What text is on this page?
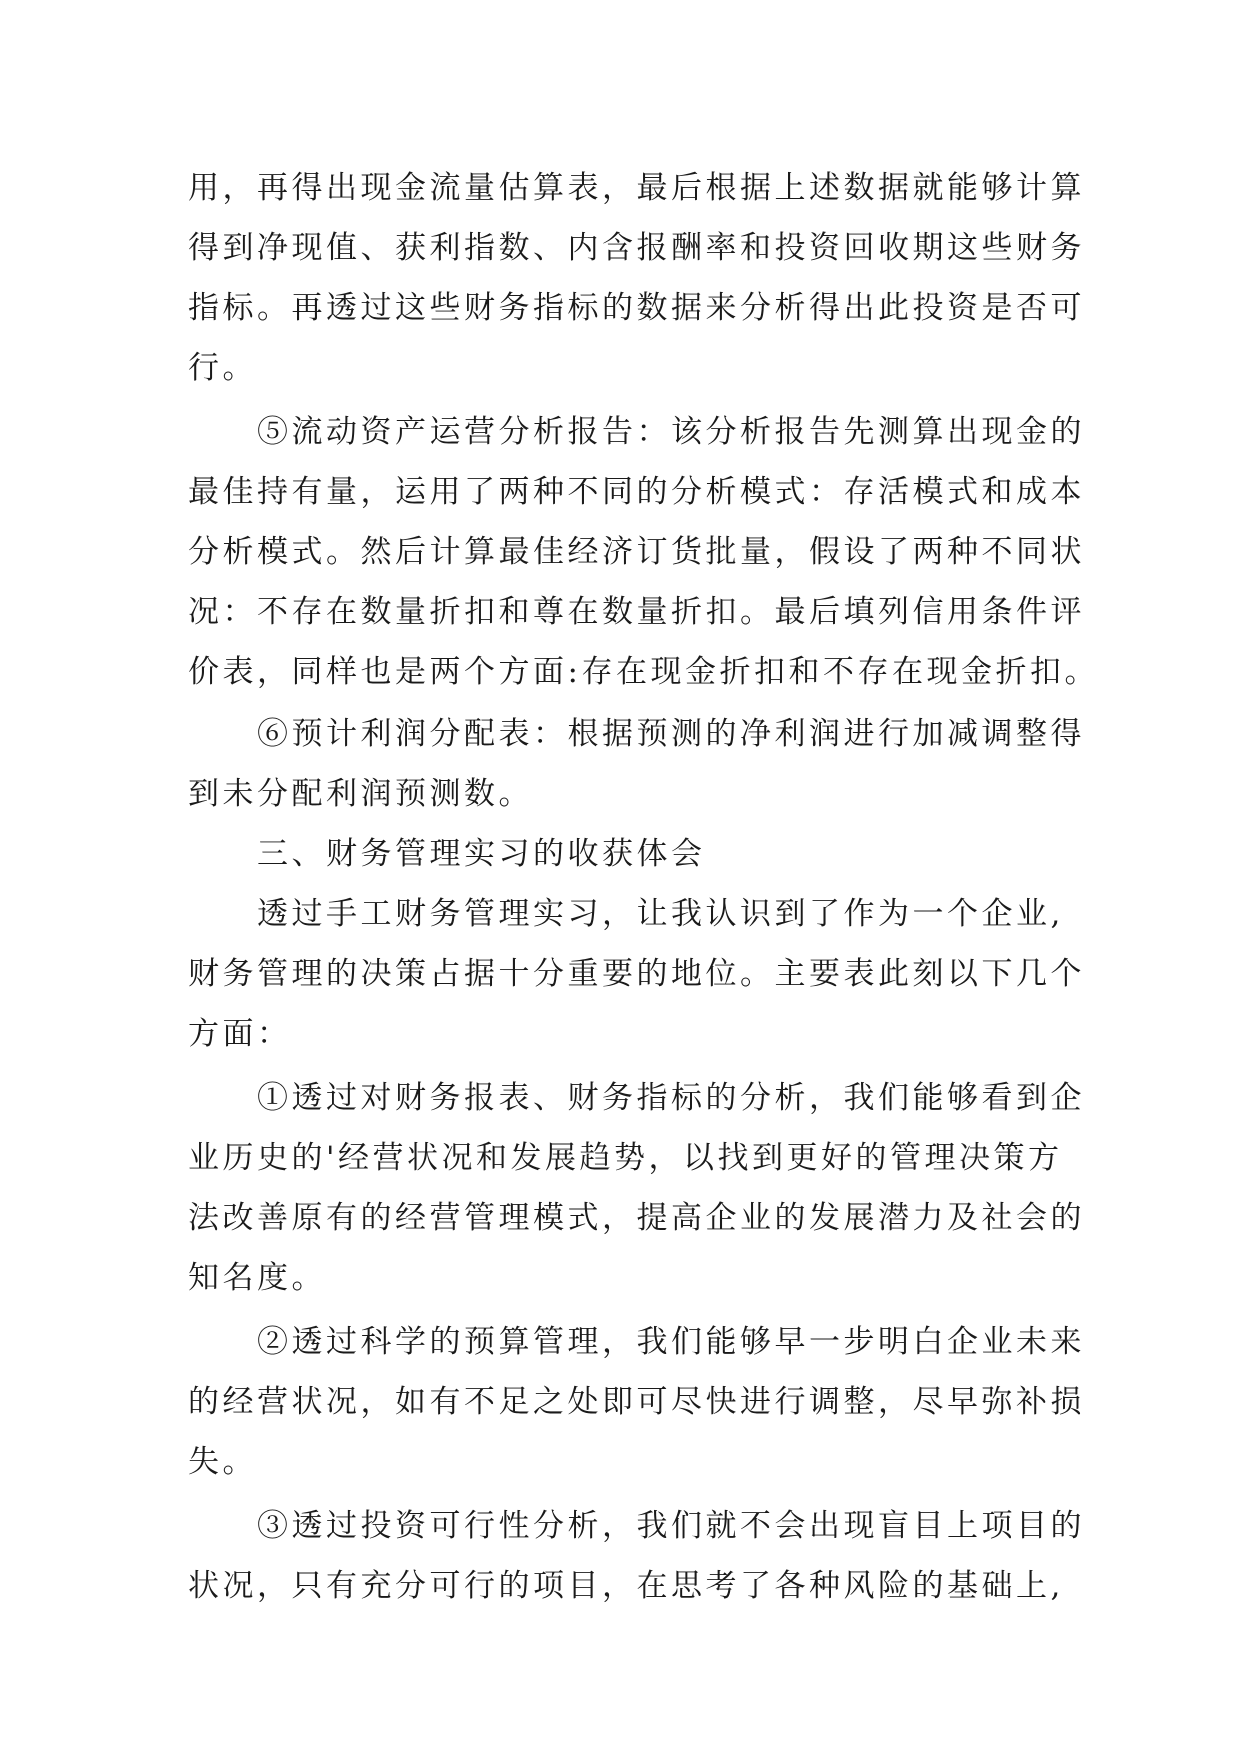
用，再得出现金流量估算表，最后根据上述数据就能够计算
得到净现值、获利指数、内含报酬率和投资回收期这些财务
指标。再透过这些财务指标的数据来分析得出此投资是否可
行。

　　⑤流动资产运营分析报告：该分析报告先测算出现金的
最佳持有量，运用了两种不同的分析模式：存活模式和成本
分析模式。然后计算最佳经济订货批量，假设了两种不同状
况：不存在数量折扣和尊在数量折扣。最后填列信用条件评
价表，同样也是两个方面:存在现金折扣和不存在现金折扣。

　　⑥预计利润分配表：根据预测的净利润进行加减调整得
到未分配利润预测数。

　　三、财务管理实习的收获体会

　　透过手工财务管理实习，让我认识到了作为一个企业,
财务管理的决策占据十分重要的地位。主要表此刻以下几个
方面：

　　①透过对财务报表、财务指标的分析，我们能够看到企
业历史的'经营状况和发展趋势，以找到更好的管理决策方
法改善原有的经营管理模式，提高企业的发展潜力及社会的
知名度。

　　②透过科学的预算管理，我们能够早一步明白企业未来
的经营状况，如有不足之处即可尽快进行调整，尽早弥补损
失。

　　③透过投资可行性分析，我们就不会出现盲目上项目的
状况，只有充分可行的项目，在思考了各种风险的基础上,
